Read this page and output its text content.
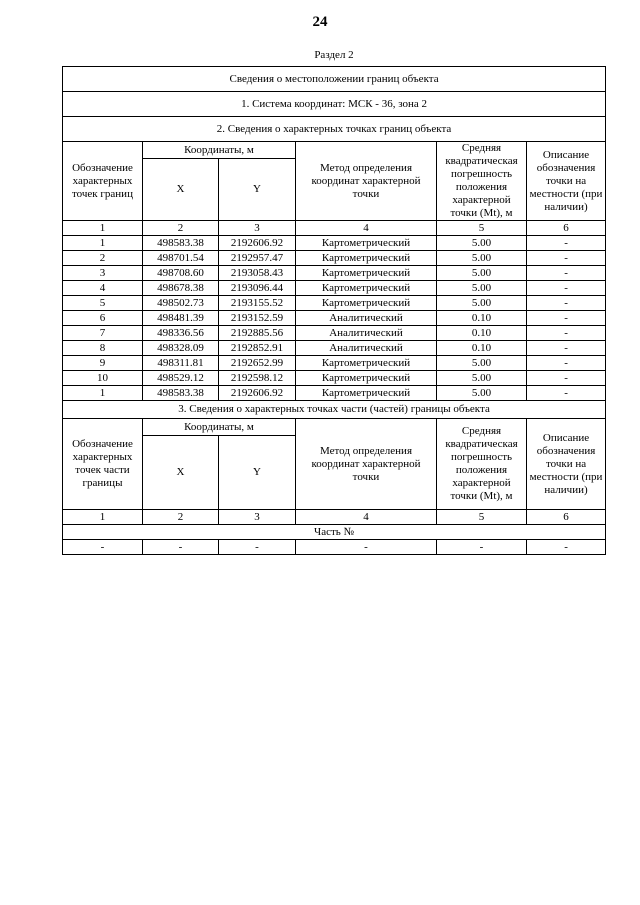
24
Раздел 2
Сведения о местоположении границ объекта					
1. Система координат: МСК - 36, зона 2					
2. Сведения о характерных точках границ объекта					
Обозначение характерных точек границ	Координаты, м		Метод определения координат характерной точки	Средняя квадратическая погрешность положения характерной точки (Mt), м	Описание обозначения точки на местности (при наличии)
	X	Y			
1	2	3	4	5	6
1	498583.38	2192606.92	Картометрический	5.00	-
2	498701.54	2192957.47	Картометрический	5.00	-
3	498708.60	2193058.43	Картометрический	5.00	-
4	498678.38	2193096.44	Картометрический	5.00	-
5	498502.73	2193155.52	Картометрический	5.00	-
6	498481.39	2193152.59	Аналитический	0.10	-
7	498336.56	2192885.56	Аналитический	0.10	-
8	498328.09	2192852.91	Аналитический	0.10	-
9	498311.81	2192652.99	Картометрический	5.00	-
10	498529.12	2192598.12	Картометрический	5.00	-
1	498583.38	2192606.92	Картометрический	5.00	-
3. Сведения о характерных точках части (частей) границы объекта					
Обозначение характерных точек части границы	Координаты, м		Метод определения координат характерной точки	Средняя квадратическая погрешность положения характерной точки (Mt), м	Описание обозначения точки на местности (при наличии)
	X	Y			
1	2	3	4	5	6
Часть №					
-	-	-	-	-	-
